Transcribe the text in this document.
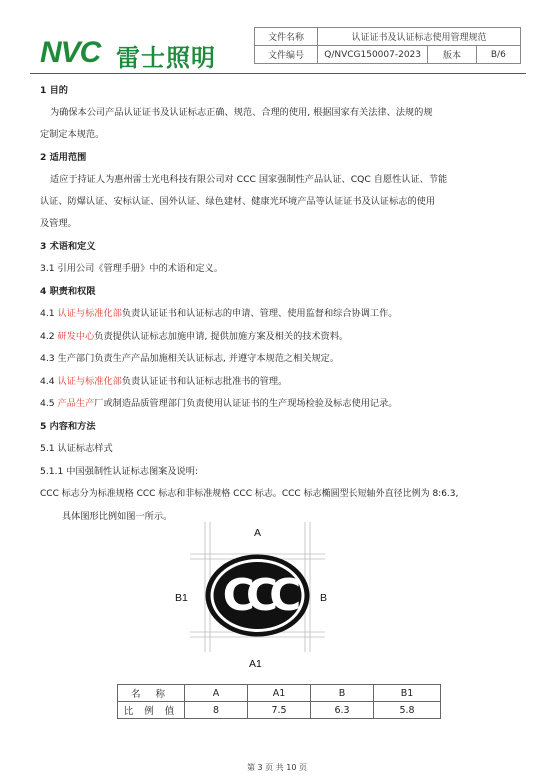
NVC 雷士照明
文件名称	认证证书及认证标志使用管理规范		
文件编号	Q/NVCG150007-2023	版本	B/6
1 目的
为确保本公司产品认证证书及认证标志正确、规范、合理的使用, 根据国家有关法律、法规的规
定制定本规范。
2 适用范围
适应于持证人为惠州雷士光电科技有限公司对 CCC 国家强制性产品认证、CQC 自愿性认证、节能
认证、防爆认证、安标认证、国外认证、绿色建材、健康光环境产品等认证证书及认证标志的使用
及管理。
3 术语和定义
3.1 引用公司《管理手册》中的术语和定义。
4 职责和权限
4.1 认证与标准化部负责认证证书和认证标志的申请、管理、使用监督和综合协调工作。
4.2 研发中心负责提供认证标志加施申请, 提供加施方案及相关的技术资料。
4.3 生产部门负责生产产品加施相关认证标志, 并遵守本规范之相关规定。
4.4 认证与标准化部负责认证证书和认证标志批准书的管理。
4.5 产品生产厂或制造品质管理部门负责使用认证证书的生产现场检验及标志使用记录。
5 内容和方法
5.1 认证标志样式
5.1.1 中国强制性认证标志图案及说明:
CCC 标志分为标准规格 CCC 标志和非标准规格 CCC 标志。CCC 标志椭圆型长短轴外直径比例为 8:6.3,
具体图形比例如图一所示。
CCC
A
B1	B
A1
名 称	A	A1	B	B1
比 例 值	8	7.5	6.3	5.8
第 3 页 共 10 页
